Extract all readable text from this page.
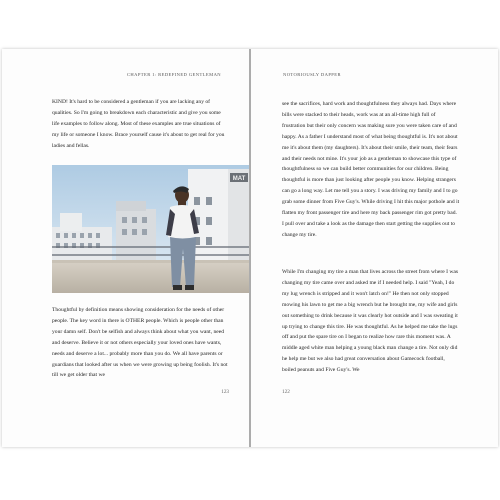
CHAPTER 1: REDEFINED GENTLEMAN

KIND! It's hard to be considered a gentleman if you are lacking any of qualities. So I'm going to breakdown each characteristic and give you some life examples to follow along. Most of these examples are true situations of my life or someone I know. Brace yourself cause it's about to get real for you ladies and fellas.

MAT

Thoughtful by definition means showing consideration for the needs of other people. The key word in there is OTHER people. Which is people other than your damn self. Don't be selfish and always think about what you want, need and deserve. Believe it or not others especially your loved ones have wants, needs and deserve a lot... probably more than you do. We all have parents or guardians that looked after us when we were growing up being foolish. It's not till we get older that we

123
NOTORIOUSLY DAPPER

see the sacrifices, hard work and thoughtfulness they always had. Days where bills were stacked to their heads, work was at an all-time high full of frustration but their only concern was making sure you were taken care of and happy. As a father I understand most of what being thoughtful is. It's not about me it's about them (my daughters). It's about their smile, their team, their fears and their needs not mine. It's your job as a gentleman to showcase this type of thoughtfulness so we can build better communities for our children. Being thoughtful is more than just looking after people you know. Helping strangers can go a long way. Let me tell you a story. I was driving my family and I to go grab some dinner from Five Guy's. While driving I hit this major pothole and it flatten my front passenger tire and here my back passenger rim got pretty bad. I pull over and take a look as the damage then start getting the supplies out to change my tire.

While I'm changing my tire a man that lives across the street from where I was changing my tire came over and asked me if I needed help. I said "Yeah, I do my lug wrench is stripped and it won't latch on!" He then not only stopped mowing his lawn to get me a big wrench but he brought me, my wife and girls out something to drink because it was clearly hot outside and I was sweating it up trying to change this tire. He was thoughtful. As he helped me take the lugs off and put the spare tire on I began to realize how rare this moment was. A middle aged white man helping a young black man change a tire. Not only did he help me but we also had great conversation about Gamecock football, boiled peanuts and Five Guy's. We

122
